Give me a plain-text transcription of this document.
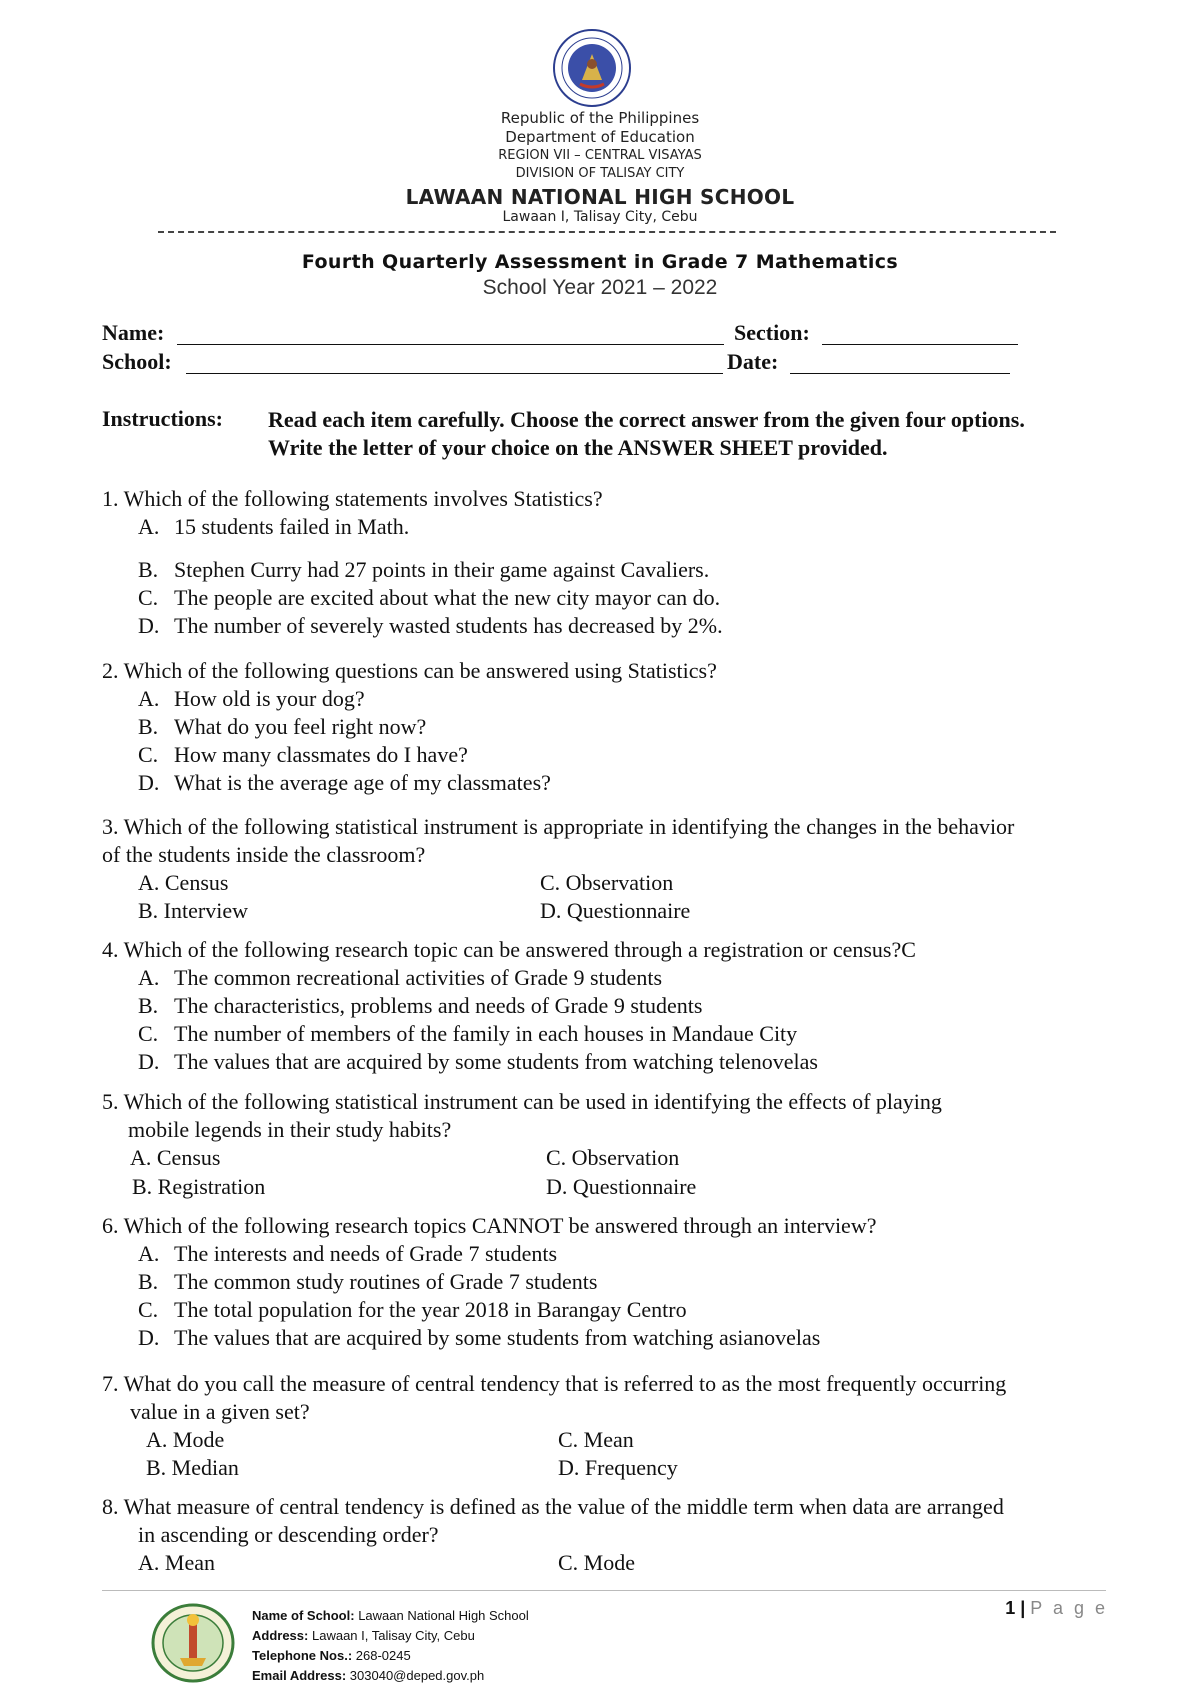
Republic of the Philippines
Department of Education
REGION VII – CENTRAL VISAYAS
DIVISION OF TALISAY CITY
LAWAAN NATIONAL HIGH SCHOOL
Lawaan I, Talisay City, Cebu
Fourth Quarterly Assessment in Grade 7 Mathematics
School Year 2021 – 2022
Name:	Section:
School:	Date:
Instructions: Read each item carefully. Choose the correct answer from the given four options. Write the letter of your choice on the ANSWER SHEET provided.
1. Which of the following statements involves Statistics?
A. 15 students failed in Math.
B. Stephen Curry had 27 points in their game against Cavaliers.
C. The people are excited about what the new city mayor can do.
D. The number of severely wasted students has decreased by 2%.
2. Which of the following questions can be answered using Statistics?
A. How old is your dog?
B. What do you feel right now?
C. How many classmates do I have?
D. What is the average age of my classmates?
3. Which of the following statistical instrument is appropriate in identifying the changes in the behavior of the students inside the classroom?
A. Census
B. Interview
C. Observation
D. Questionnaire
4. Which of the following research topic can be answered through a registration or census?C
A. The common recreational activities of Grade 9 students
B. The characteristics, problems and needs of Grade 9 students
C. The number of members of the family in each houses in Mandaue City
D. The values that are acquired by some students from watching telenovelas
5. Which of the following statistical instrument can be used in identifying the effects of playing
mobile legends in their study habits?
A. Census
B. Registration
C. Observation
D. Questionnaire
6. Which of the following research topics CANNOT be answered through an interview?
A. The interests and needs of Grade 7 students
B. The common study routines of Grade 7 students
C. The total population for the year 2018 in Barangay Centro
D. The values that are acquired by some students from watching asianovelas
7. What do you call the measure of central tendency that is referred to as the most frequently occurring
value in a given set?
A. Mode
B. Median
C. Mean
D. Frequency
8. What measure of central tendency is defined as the value of the middle term when data are arranged
in ascending or descending order?
A. Mean	C. Mode
Name of School: Lawaan National High School
Address: Lawaan I, Talisay City, Cebu
Telephone Nos.: 268-0245
Email Address: 303040@deped.gov.ph
1 | P a g e
